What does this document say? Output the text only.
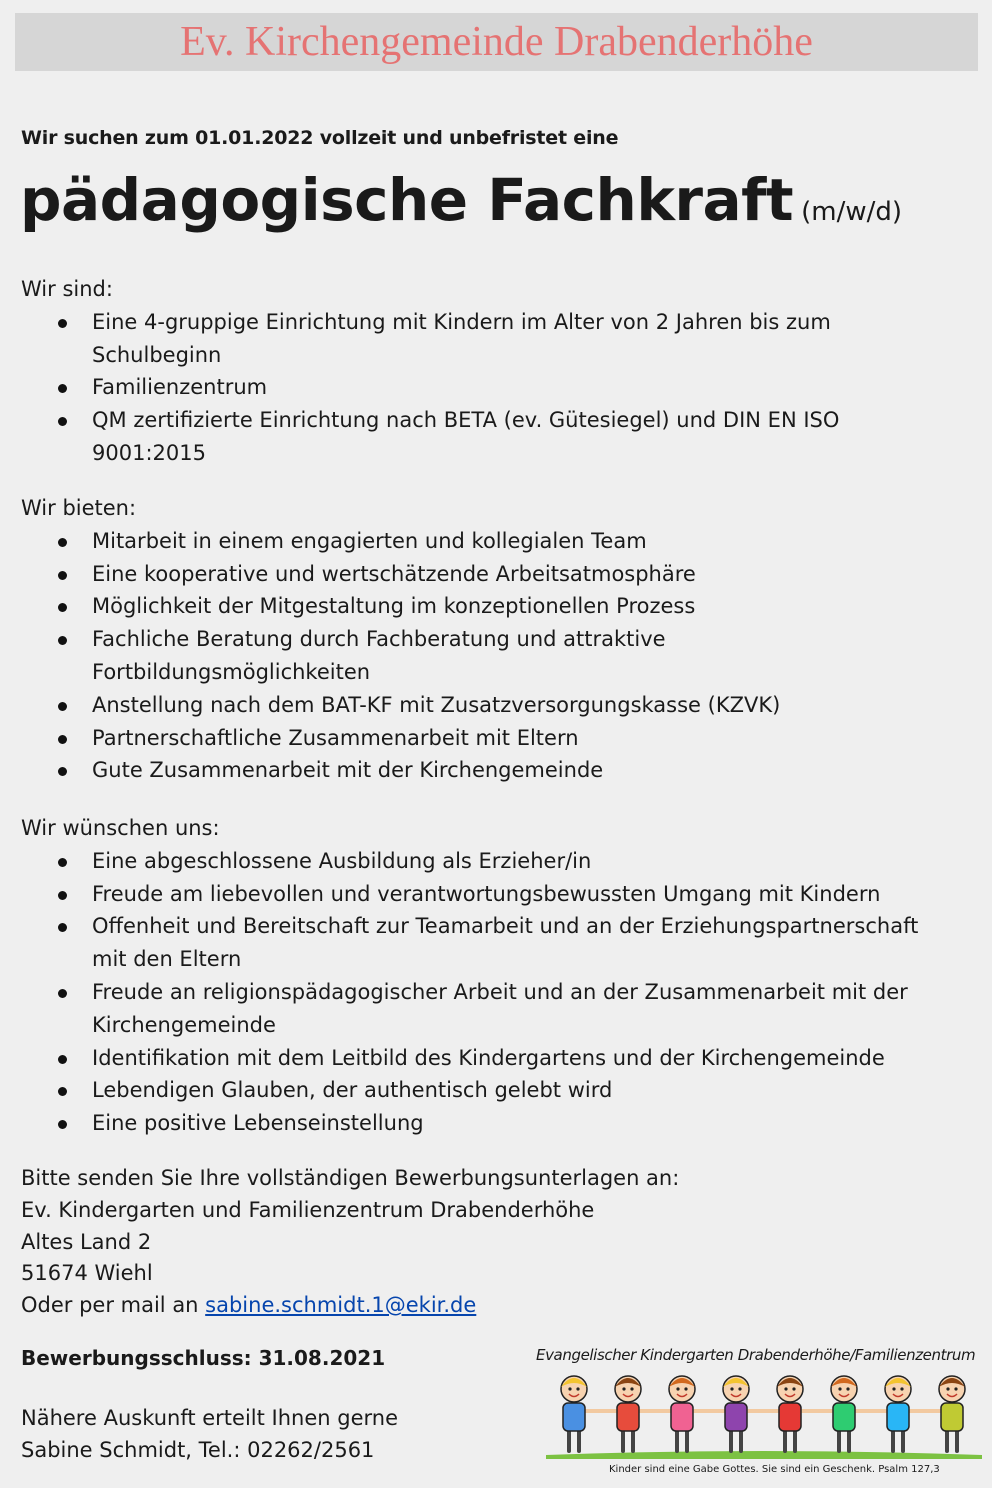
Ev. Kirchengemeinde Drabenderhöhe
Wir suchen zum 01.01.2022 vollzeit und unbefristet eine
pädagogische Fachkraft (m/w/d)
Wir sind:
Eine 4-gruppige Einrichtung mit Kindern im Alter von 2 Jahren bis zum Schulbeginn
Familienzentrum
QM zertifizierte Einrichtung nach BETA (ev. Gütesiegel) und DIN EN ISO 9001:2015
Wir bieten:
Mitarbeit in einem engagierten und kollegialen Team
Eine kooperative und wertschätzende Arbeitsatmosphäre
Möglichkeit der Mitgestaltung im konzeptionellen Prozess
Fachliche Beratung durch Fachberatung und attraktive Fortbildungsmöglichkeiten
Anstellung nach dem BAT-KF mit Zusatzversorgungskasse (KZVK)
Partnerschaftliche Zusammenarbeit mit Eltern
Gute Zusammenarbeit mit der Kirchengemeinde
Wir wünschen uns:
Eine abgeschlossene Ausbildung als Erzieher/in
Freude am liebevollen und verantwortungsbewussten Umgang mit Kindern
Offenheit und Bereitschaft zur Teamarbeit und an der Erziehungspartnerschaft mit den Eltern
Freude an religionspädagogischer Arbeit und an der Zusammenarbeit mit der Kirchengemeinde
Identifikation mit dem Leitbild des Kindergartens und der Kirchengemeinde
Lebendigen Glauben, der authentisch gelebt wird
Eine positive Lebenseinstellung
Bitte senden Sie Ihre vollständigen Bewerbungsunterlagen an:
Ev. Kindergarten und Familienzentrum Drabenderhöhe
Altes Land 2
51674 Wiehl
Oder per mail an sabine.schmidt.1@ekir.de
Bewerbungsschluss: 31.08.2021
Nähere Auskunft erteilt Ihnen gerne
Sabine Schmidt, Tel.: 02262/2561
Evangelischer Kindergarten Drabenderhöhe/Familienzentrum
Kinder sind eine Gabe Gottes. Sie sind ein Geschenk. Psalm 127,3
